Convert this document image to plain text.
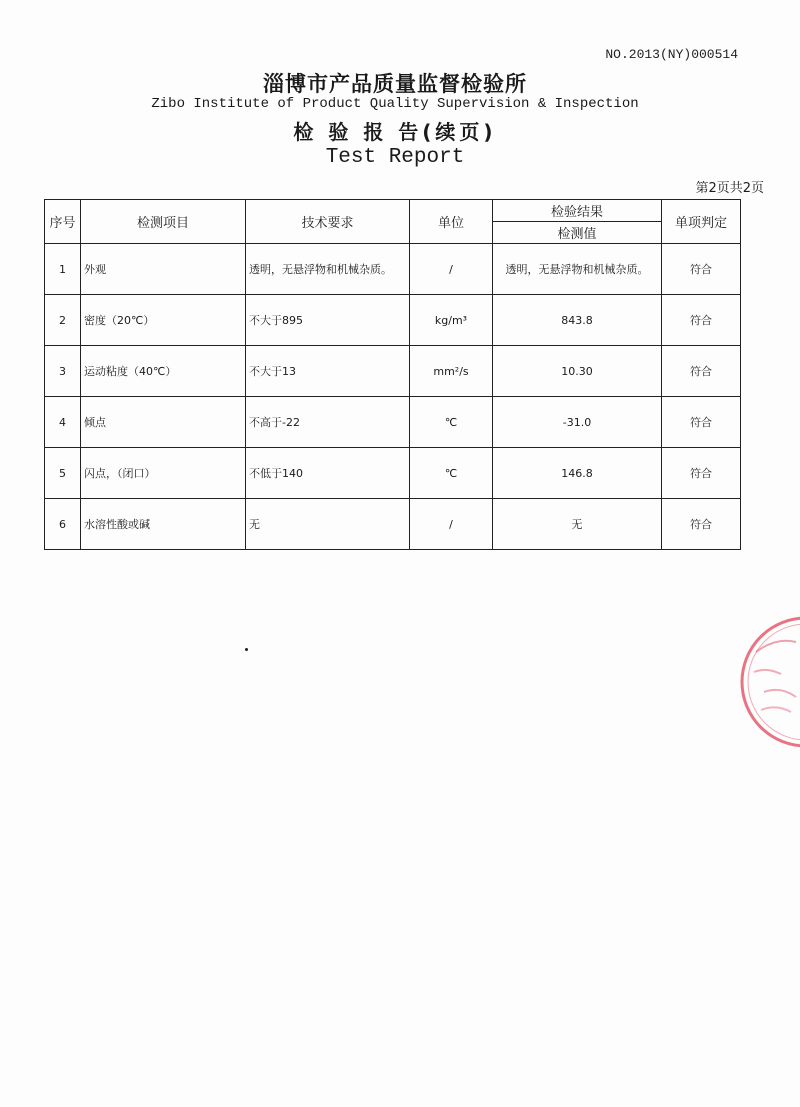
NO.2013(NY)000514
淄博市产品质量监督检验所
Zibo Institute of Product Quality Supervision & Inspection
检 验 报 告(续页)
Test Report
第2页共2页
序号	检测项目	技术要求	单位	检验结果
检测值	单项判定
1	外观	透明，无悬浮物和机械杂质。	/	透明，无悬浮物和机械杂质。	符合
2	密度（20℃）	不大于895	kg/m³	843.8	符合
3	运动粘度（40℃）	不大于13	mm²/s	10.30	符合
4	倾点	不高于-22	℃	-31.0	符合
5	闪点，（闭口）	不低于140	℃	146.8	符合
6	水溶性酸或碱	无	/	无	符合
